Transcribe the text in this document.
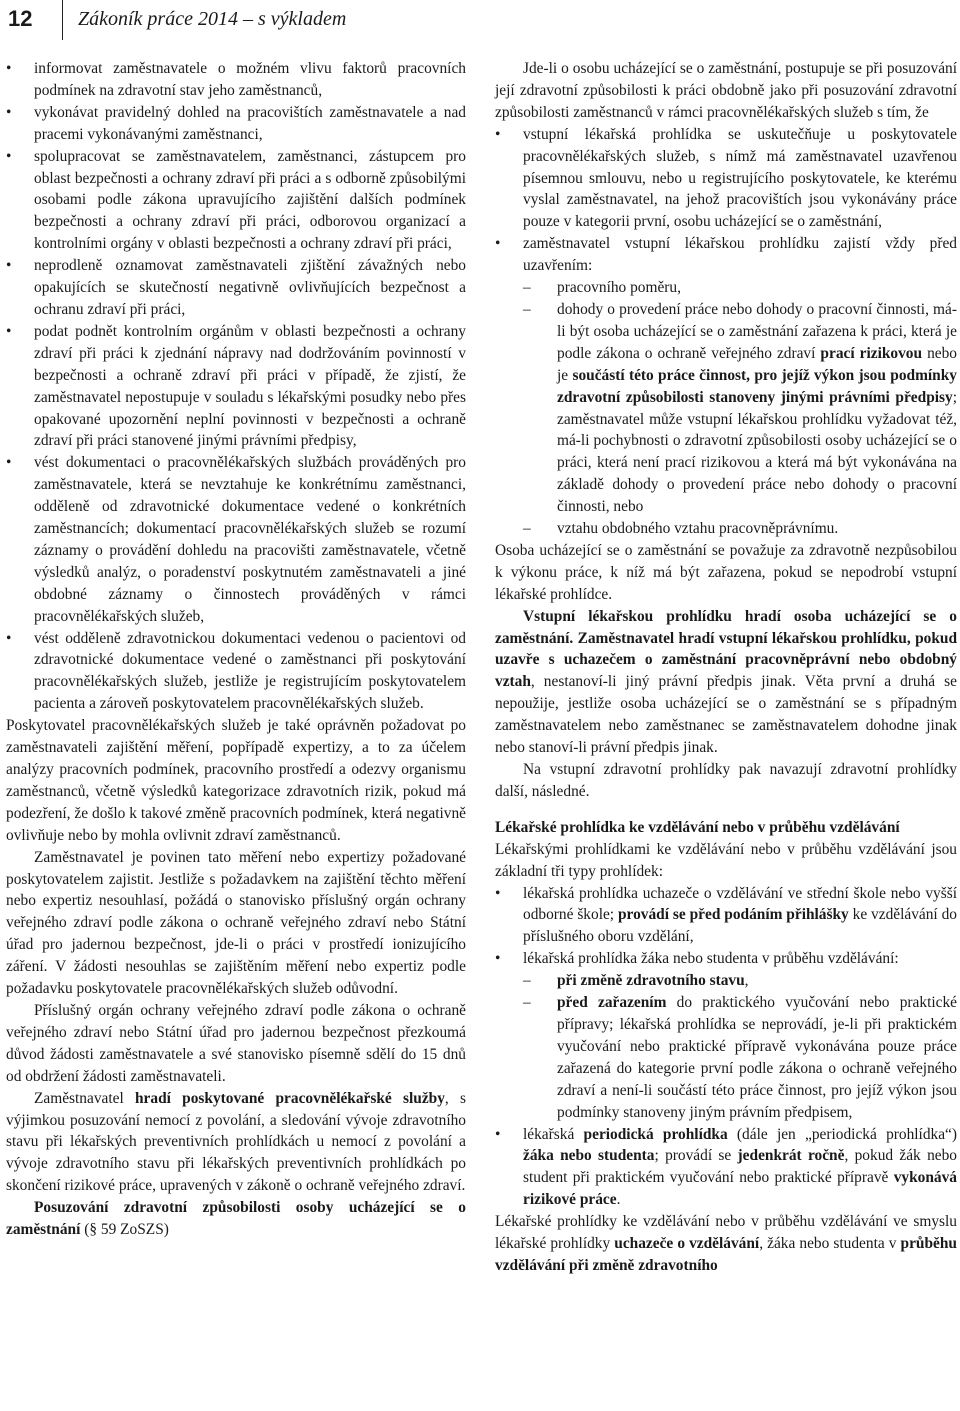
12 Zákoník práce 2014 – s výkladem
• informovat zaměstnavatele o možném vlivu faktorů pracovních podmínek na zdravotní stav jeho zaměstnanců,
• vykonávat pravidelný dohled na pracovištích zaměstnavatele a nad pracemi vykonávanými zaměstnanci,
• spolupracovat se zaměstnavatelem, zaměstnanci, zástupcem pro oblast bezpečnosti a ochrany zdraví při práci a s odborně způsobilými osobami podle zákona upravujícího zajištění dalších podmínek bezpečnosti a ochrany zdraví při práci, odborovou organizací a kontrolními orgány v oblasti bezpečnosti a ochrany zdraví při práci,
• neprodleně oznamovat zaměstnavateli zjištění závažných nebo opakujících se skutečností negativně ovlivňujících bezpečnost a ochranu zdraví při práci,
• podat podnět kontrolním orgánům v oblasti bezpečnosti a ochrany zdraví při práci k zjednání nápravy nad dodržováním povinností v bezpečnosti a ochraně zdraví při práci v případě, že zjistí, že zaměstnavatel nepostupuje v souladu s lékařskými posudky nebo přes opakované upozornění neplní povinnosti v bezpečnosti a ochraně zdraví při práci stanovené jinými právními předpisy,
• vést dokumentaci o pracovnělékařských službách prováděných pro zaměstnavatele, která se nevztahuje ke konkrétnímu zaměstnanci, odděleně od zdravotnické dokumentace vedené o konkrétních zaměstnancích; dokumentací pracovnělékařských služeb se rozumí záznamy o provádění dohledu na pracovišti zaměstnavatele, včetně výsledků analýz, o poradenství poskytnutém zaměstnavateli a jiné obdobné záznamy o činnostech prováděných v rámci pracovnělékařských služeb,
• vést odděleně zdravotnickou dokumentaci vedenou o pacientovi od zdravotnické dokumentace vedené o zaměstnanci při poskytování pracovnělékařských služeb, jestliže je registrujícím poskytovatelem pacienta a zároveň poskytovatelem pracovnělékařských služeb.

Poskytovatel pracovnělékařských služeb je také oprávněn požadovat po zaměstnavateli zajištění měření, popřípadě expertizy, a to za účelem analýzy pracovních podmínek, pracovního prostředí a odezvy organismu zaměstnanců, včetně výsledků kategorizace zdravotních rizik, pokud má podezření, že došlo k takové změně pracovních podmínek, která negativně ovlivňuje nebo by mohla ovlivnit zdraví zaměstnanců.

Zaměstnavatel je povinen tato měření nebo expertizy požadované poskytovatelem zajistit. Jestliže s požadavkem na zajištění těchto měření nebo expertiz nesouhlasí, požádá o stanovisko příslušný orgán ochrany veřejného zdraví podle zákona o ochraně veřejného zdraví nebo Státní úřad pro jadernou bezpečnost, jde-li o práci v prostředí ionizujícího záření. V žádosti nesouhlas se zajištěním měření nebo expertiz podle požadavku poskytovatele pracovnělékařských služeb odůvodní.

Příslušný orgán ochrany veřejného zdraví podle zákona o ochraně veřejného zdraví nebo Státní úřad pro jadernou bezpečnost přezkoumá důvod žádosti zaměstnavatele a své stanovisko písemně sdělí do 15 dnů od obdržení žádosti zaměstnavateli.

Zaměstnavatel hradí poskytované pracovnělékařské služby, s výjimkou posuzování nemocí z povolání, a sledování vývoje zdravotního stavu při lékařských preventivních prohlídkách u nemocí z povolání a vývoje zdravotního stavu při lékařských preventivních prohlídkách po skončení rizikové práce, upravených v zákoně o ochraně veřejného zdraví.

Posuzování zdravotní způsobilosti osoby ucházející se o zaměstnání (§ 59 ZoSZS)

Jde-li o osobu ucházející se o zaměstnání, postupuje se při posuzování její zdravotní způsobilosti k práci obdobně jako při posuzování zdravotní způsobilosti zaměstnanců v rámci pracovnělékařských služeb s tím, že

• vstupní lékařská prohlídka se uskutečňuje u poskytovatele pracovnělékařských služeb, s nímž má zaměstnavatel uzavřenou písemnou smlouvu, nebo u registrujícího poskytovatele, ke kterému vyslal zaměstnavatel, na jehož pracovištích jsou vykonávány práce pouze v kategorii první, osobu ucházející se o zaměstnání,
• zaměstnavatel vstupní lékařskou prohlídku zajistí vždy před uzavřením:
– pracovního poměru,
– dohody o provedení práce nebo dohody o pracovní činnosti, má-li být osoba ucházející se o zaměstnání zařazena k práci, která je podle zákona o ochraně veřejného zdraví prací rizikovou nebo je součástí této práce činnost, pro jejíž výkon jsou podmínky zdravotní způsobilosti stanoveny jinými právními předpisy; zaměstnavatel může vstupní lékařskou prohlídku vyžadovat též, má-li pochybnosti o zdravotní způsobilosti osoby ucházející se o práci, která není prací rizikovou a která má být vykonávána na základě dohody o provedení práce nebo dohody o pracovní činnosti, nebo
– vztahu obdobného vztahu pracovněprávnímu.

Osoba ucházející se o zaměstnání se považuje za zdravotně nezpůsobilou k výkonu práce, k níž má být zařazena, pokud se nepodrobí vstupní lékařské prohlídce.

Vstupní lékařskou prohlídku hradí osoba ucházející se o zaměstnání. Zaměstnavatel hradí vstupní lékařskou prohlídku, pokud uzavře s uchazečem o zaměstnání pracovněprávní nebo obdobný vztah, nestanoví-li jiný právní předpis jinak. Věta první a druhá se nepoužije, jestliže osoba ucházející se o zaměstnání se s případným zaměstnavatelem nebo zaměstnanec se zaměstnavatelem dohodne jinak nebo stanoví-li právní předpis jinak.

Na vstupní zdravotní prohlídky pak navazují zdravotní prohlídky další, následné.

Lékařské prohlídka ke vzdělávání nebo v průběhu vzdělávání

Lékařskými prohlídkami ke vzdělávání nebo v průběhu vzdělávání jsou základní tři typy prohlídek:

• lékařská prohlídka uchazeče o vzdělávání ve střední škole nebo vyšší odborné škole; provádí se před podáním přihlášky ke vzdělávání do příslušného oboru vzdělání,
• lékařská prohlídka žáka nebo studenta v průběhu vzdělávání:
– při změně zdravotního stavu,
– před zařazením do praktického vyučování nebo praktické přípravy; lékařská prohlídka se neprovádí, je-li při praktickém vyučování nebo praktické přípravě vykonávána pouze práce zařazená do kategorie první podle zákona o ochraně veřejného zdraví a není-li součástí této práce činnost, pro jejíž výkon jsou podmínky stanoveny jiným právním předpisem,
• lékařská periodická prohlídka (dále jen „periodická prohlídka“) žáka nebo studenta; provádí se jedenkrát ročně, pokud žák nebo student při praktickém vyučování nebo praktické přípravě vykonává rizikové práce.

Lékařské prohlídky ke vzdělávání nebo v průběhu vzdělávání ve smyslu lékařské prohlídky uchazeče o vzdělávání, žáka nebo studenta v průběhu vzdělávání při změně zdravotního
